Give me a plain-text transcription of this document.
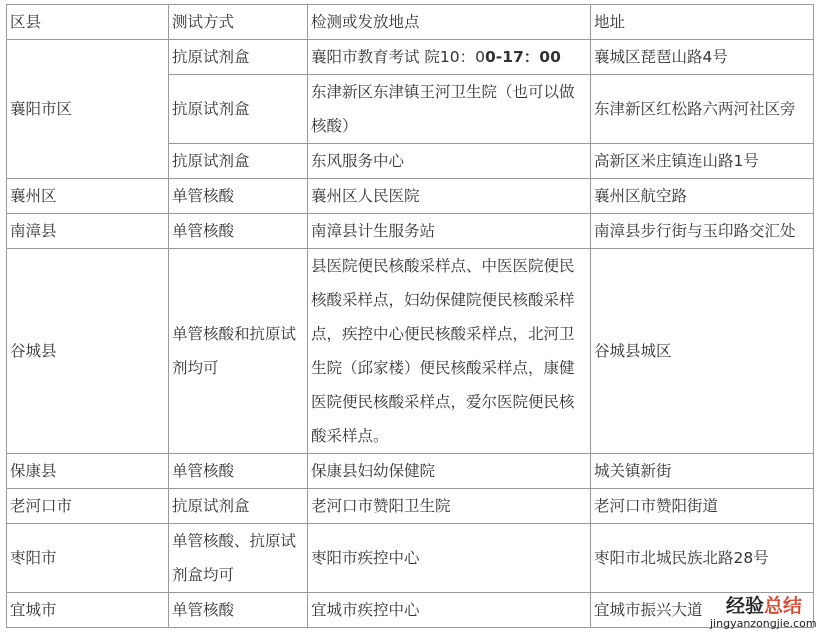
区县	测试方式	检测或发放地点	地址
襄阳市区	抗原试剂盒	襄阳市教育考试 院10：00-17：00	襄城区琵琶山路4号
	抗原试剂盒	东津新区东津镇王河卫生院（也可以做核酸）	东津新区红松路六两河社区旁
	抗原试剂盒	东风服务中心	高新区米庄镇连山路1号
襄州区	单管核酸	襄州区人民医院	襄州区航空路
南漳县	单管核酸	南漳县计生服务站	南漳县步行街与玉印路交汇处
谷城县	单管核酸和抗原试剂均可	县医院便民核酸采样点、中医医院便民核酸采样点，妇幼保健院便民核酸采样点，疾控中心便民核酸采样点，北河卫生院（邱家楼）便民核酸采样点，康健医院便民核酸采样点，爱尔医院便民核酸采样点。	谷城县城区
保康县	单管核酸	保康县妇幼保健院	城关镇新街
老河口市	抗原试剂盒	老河口市赞阳卫生院	老河口市赞阳街道
枣阳市	单管核酸、抗原试剂盒均可	枣阳市疾控中心	枣阳市北城民族北路28号
宜城市	单管核酸	宜城市疾控中心	宜城市振兴大道 经验总结
jingyanzongjie.com
